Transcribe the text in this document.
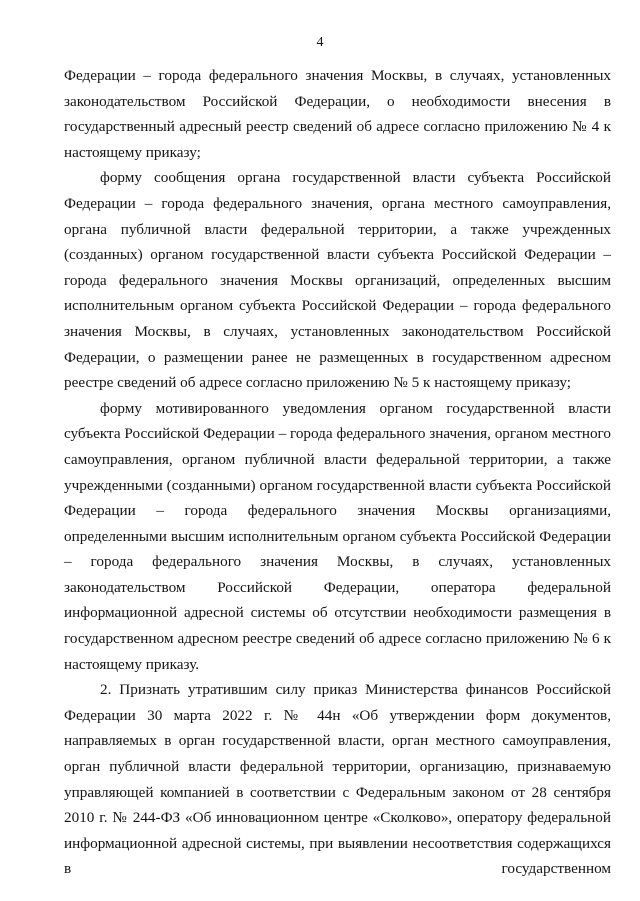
4

Федерации – города федерального значения Москвы, в случаях, установленных законодательством Российской Федерации, о необходимости внесения в государственный адресный реестр сведений об адресе согласно приложению № 4 к настоящему приказу;

форму сообщения органа государственной власти субъекта Российской Федерации – города федерального значения, органа местного самоуправления, органа публичной власти федеральной территории, а также учрежденных (созданных) органом государственной власти субъекта Российской Федерации – города федерального значения Москвы организаций, определенных высшим исполнительным органом субъекта Российской Федерации – города федерального значения Москвы, в случаях, установленных законодательством Российской Федерации, о размещении ранее не размещенных в государственном адресном реестре сведений об адресе согласно приложению № 5 к настоящему приказу;

форму мотивированного уведомления органом государственной власти субъекта Российской Федерации – города федерального значения, органом местного самоуправления, органом публичной власти федеральной территории, а также учрежденными (созданными) органом государственной власти субъекта Российской Федерации – города федерального значения Москвы организациями, определенными высшим исполнительным органом субъекта Российской Федерации – города федерального значения Москвы, в случаях, установленных законодательством Российской Федерации, оператора федеральной информационной адресной системы об отсутствии необходимости размещения в государственном адресном реестре сведений об адресе согласно приложению № 6 к настоящему приказу.

2. Признать утратившим силу приказ Министерства финансов Российской Федерации 30 марта 2022 г. № 44н «Об утверждении форм документов, направляемых в орган государственной власти, орган местного самоуправления, орган публичной власти федеральной территории, организацию, признаваемую управляющей компанией в соответствии с Федеральным законом от 28 сентября 2010 г. № 244-ФЗ «Об инновационном центре «Сколково», оператору федеральной информационной адресной системы, при выявлении несоответствия содержащихся в государственном
